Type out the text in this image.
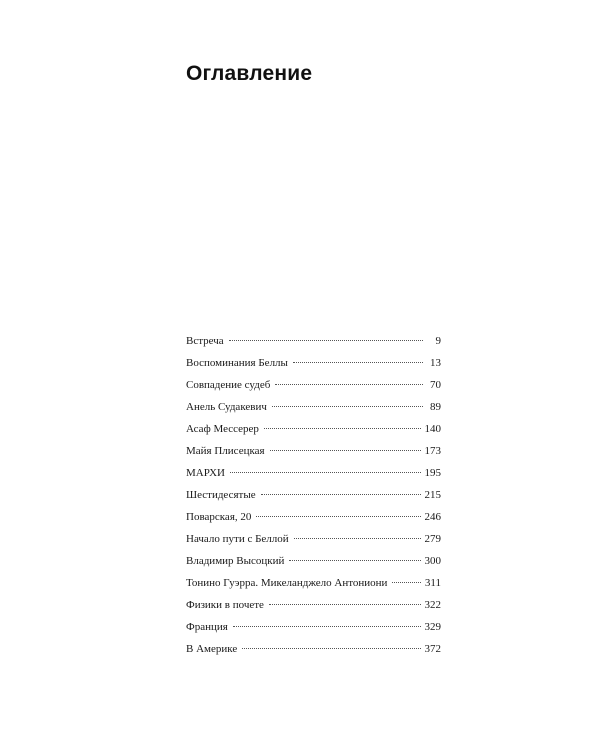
Оглавление
Встреча	9
Воспоминания Беллы	13
Совпадение судеб	70
Анель Судакевич	89
Асаф Мессерер	140
Майя Плисецкая	173
МАРХИ	195
Шестидесятые	215
Поварская, 20	246
Начало пути с Беллой	279
Владимир Высоцкий	300
Тонино Гуэрра. Микеланджело Антониони	311
Физики в почете	322
Франция	329
В Америке	372
